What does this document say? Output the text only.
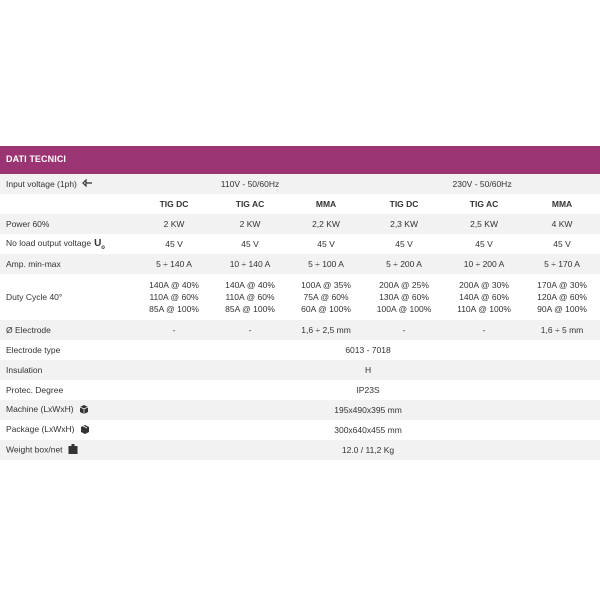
DATI TECNICI
Input voltage (1ph)	110V - 50/60Hz			230V - 50/60Hz		
	TIG DC	TIG AC	MMA	TIG DC	TIG AC	MMA
Power 60%	2 KW	2 KW	2,2 KW	2,3 KW	2,5 KW	4 KW
No load output voltage $U_o$	45 V	45 V	45 V	45 V	45 V	45 V
Amp. min-max	5 ÷ 140 A	10 ÷ 140 A	5 ÷ 100 A	5 ÷ 200 A	10 ÷ 200 A	5 ÷ 170 A
Duty Cycle 40°	140A @ 40%
110A @ 60%
85A @ 100%	140A @ 40%
110A @ 60%
85A @ 100%	100A @ 35%
75A @ 60%
60A @ 100%	200A @ 25%
130A @ 60%
100A @ 100%	200A @ 30%
140A @ 60%
110A @ 100%	170A @ 30%
120A @ 60%
90A @ 100%

Ø Electrode	-	-	1,6 ÷ 2,5 mm	-	-	1,6 ÷ 5 mm
Electrode type	6013 - 7018					
Insulation	H					
Protec. Degree	IP23S					
Machine (LxWxH)	195x490x395 mm					
Package (LxWxH)	300x640x455 mm					
Weight box/net	12.0 / 11,2 Kg					
